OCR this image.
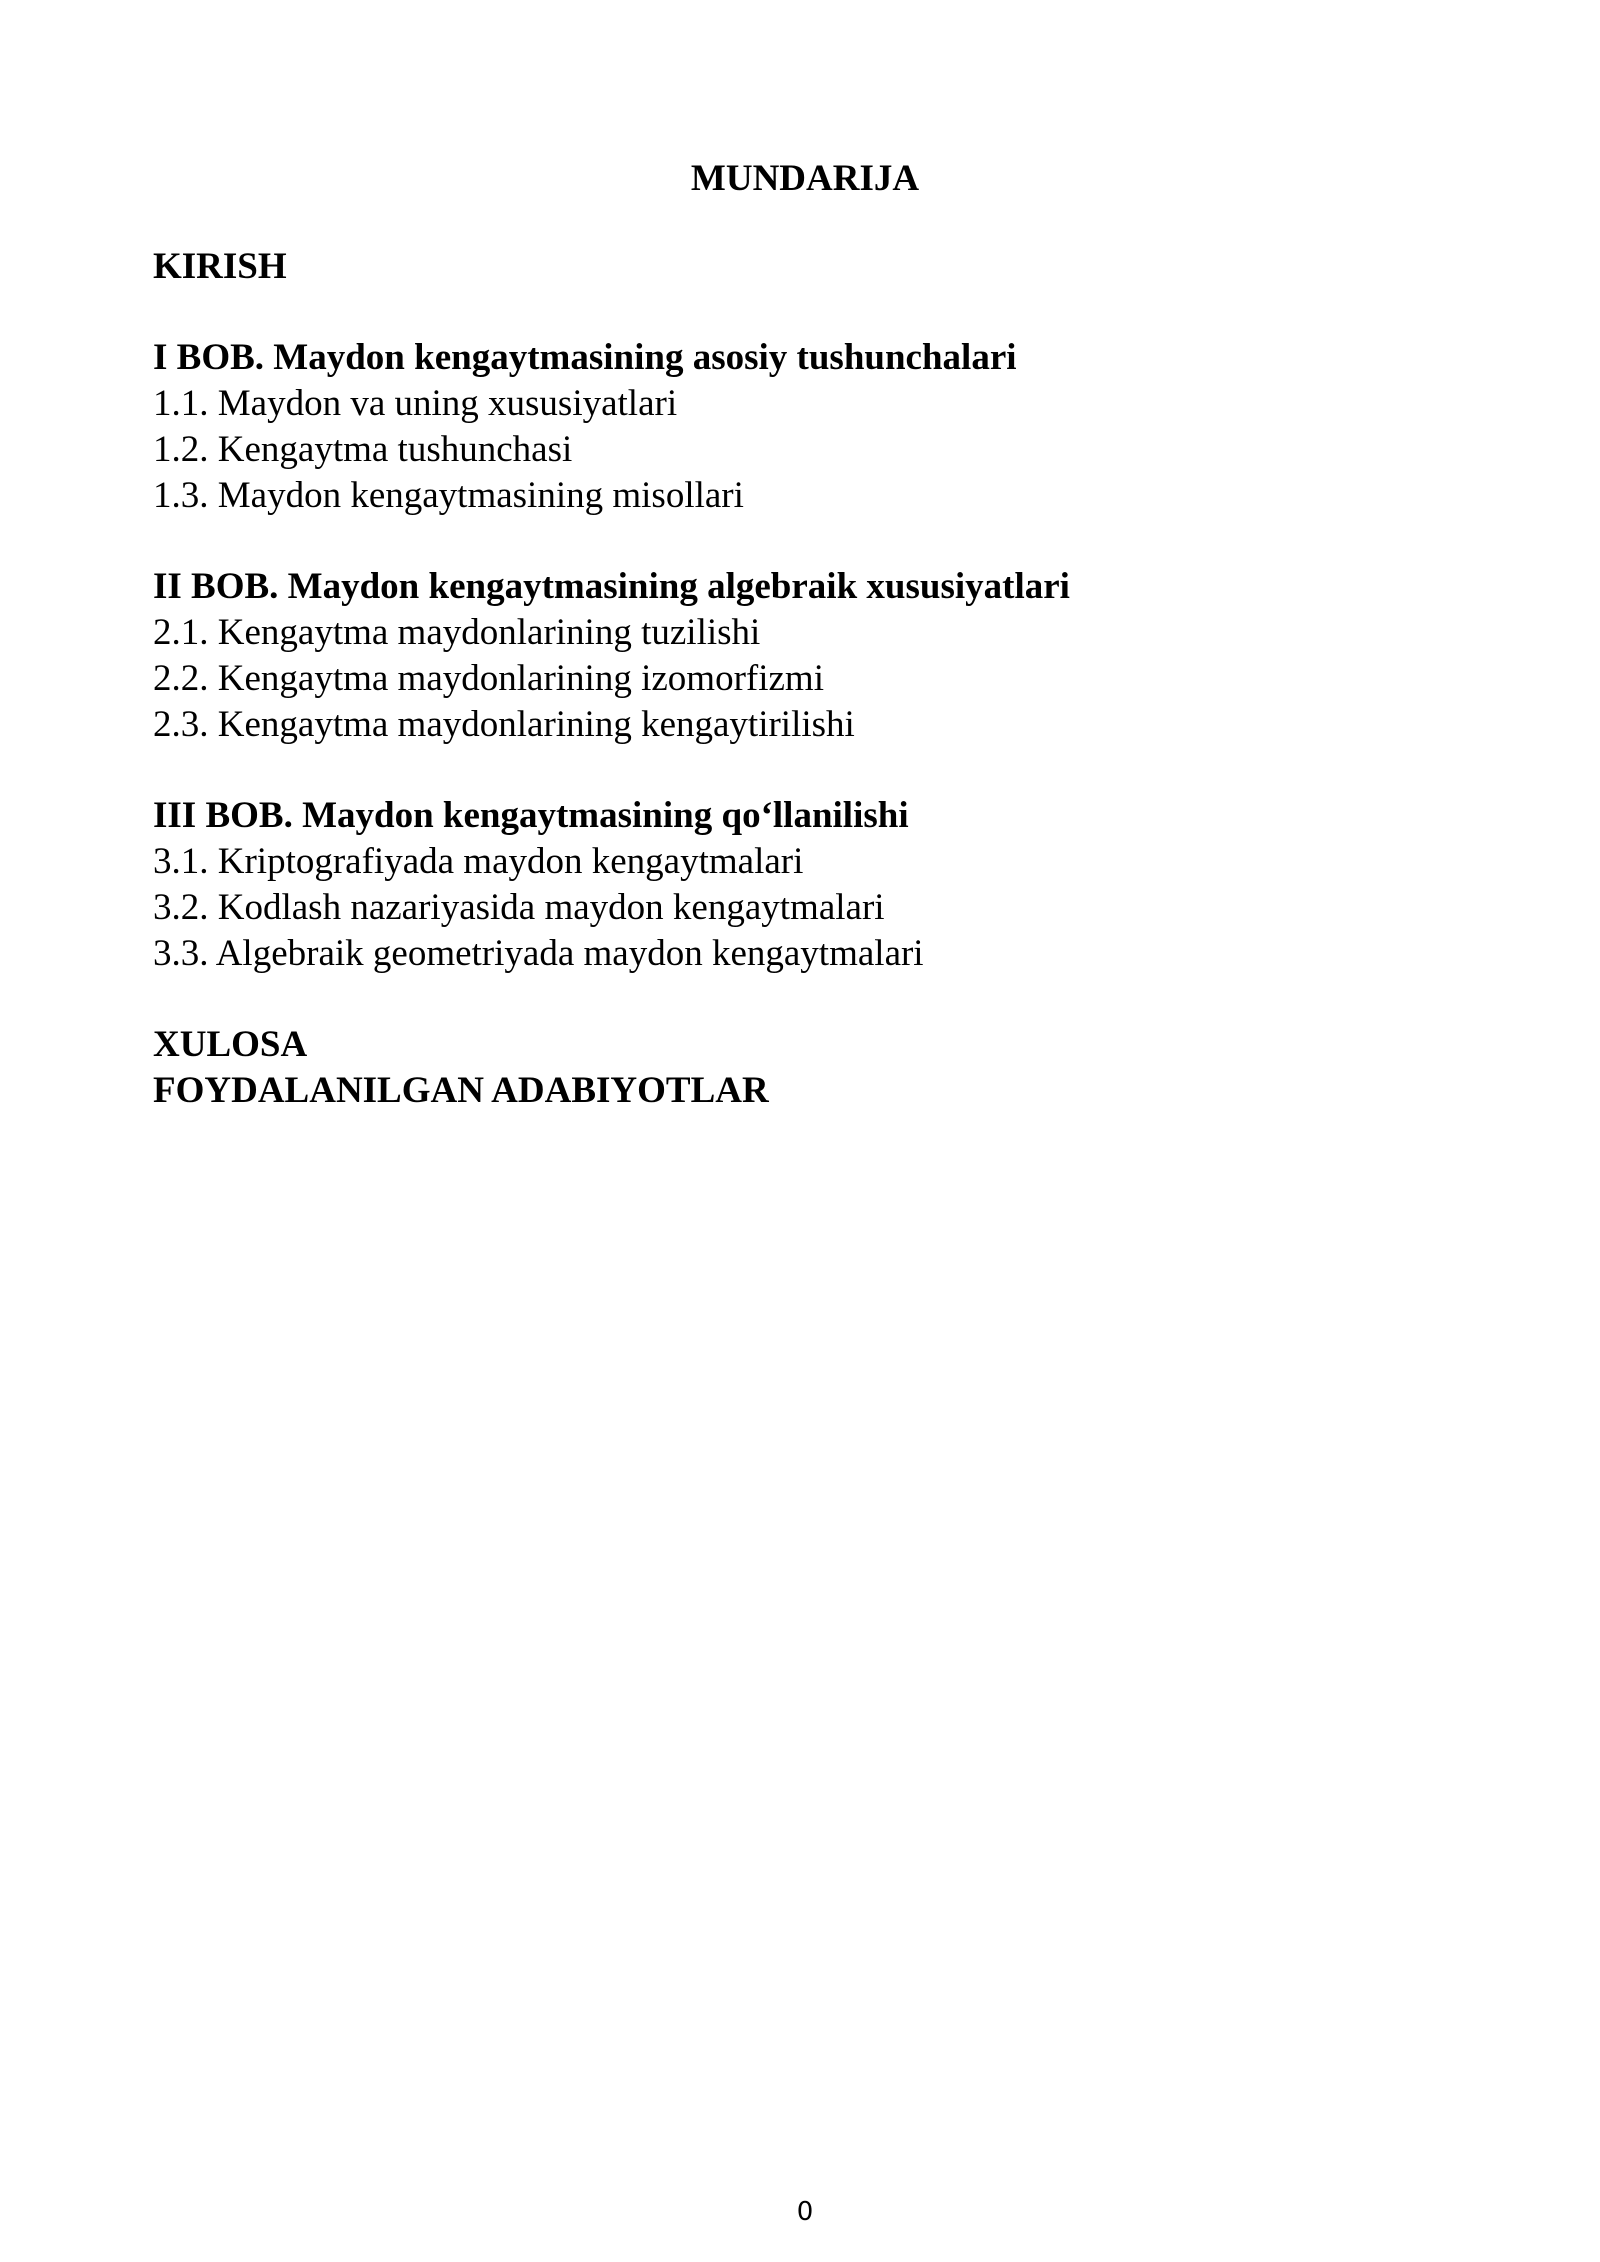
MUNDARIJA
KIRISH
I BOB. Maydon kengaytmasining asosiy tushunchalari
1.1. Maydon va uning xususiyatlari
1.2. Kengaytma tushunchasi
1.3. Maydon kengaytmasining misollari
II BOB. Maydon kengaytmasining algebraik xususiyatlari
2.1. Kengaytma maydonlarining tuzilishi
2.2. Kengaytma maydonlarining izomorfizmi
2.3. Kengaytma maydonlarining kengaytirilishi
III BOB. Maydon kengaytmasining qo‘llanilishi
3.1. Kriptografiyada maydon kengaytmalari
3.2. Kodlash nazariyasida maydon kengaytmalari
3.3. Algebraik geometriyada maydon kengaytmalari
XULOSA
FOYDALANILGAN ADABIYOTLAR
0
